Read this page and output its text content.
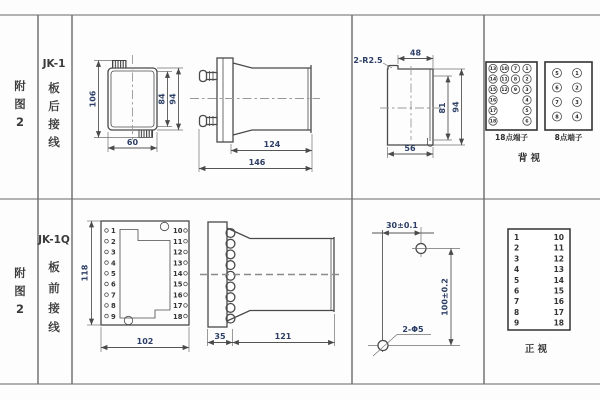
附
图
2
JK-1
板
后
接
线
106	84 94
60	124
146
48
2-R2.5
81 94
56
13
14
15
16
17
18
10
11
12
7
8
9
1
2
3
4
5
6
18点端子
5
6
7
8
1
2
3
4
8点端子
背 视
JK-1Q
附
图
2
板
前
接
线
1
2
3
4
5
6
7
8
9
10
11
12
13
14
15
16
17
18
118
102
35	121
30±0.1
100±0.2
2-Φ5
1
2
3
4
5
6
7
8
9
10
11
12
13
14
15
16
17
18
正 视
